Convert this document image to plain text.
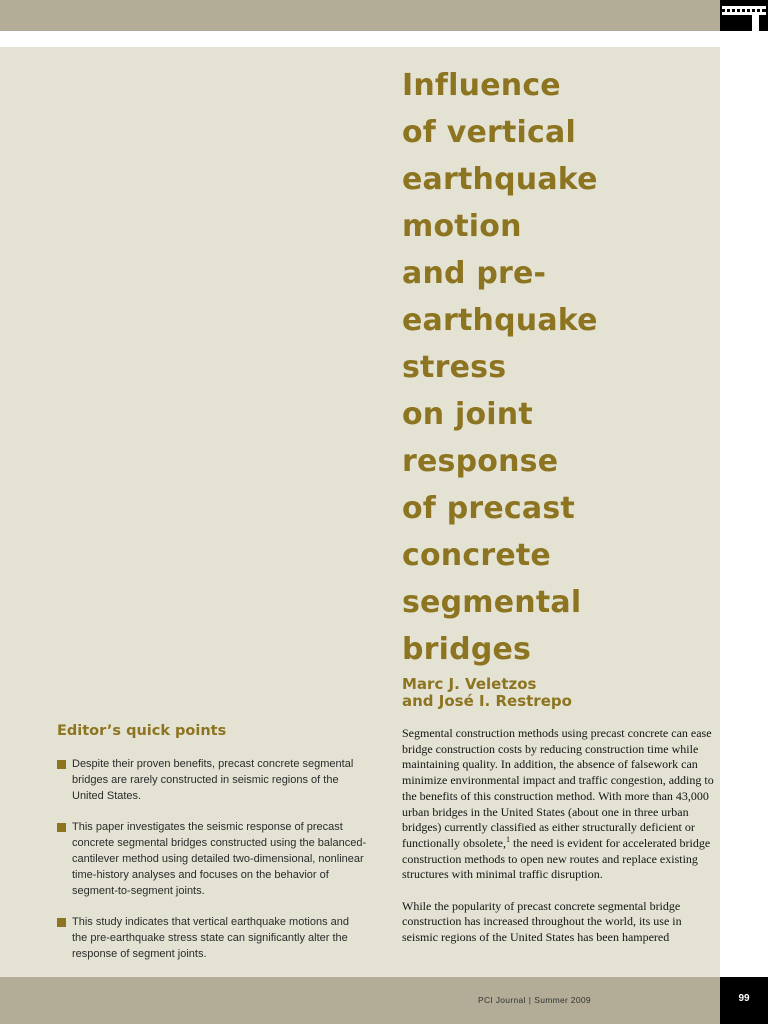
Influence
of vertical
earthquake
motion
and pre-
earthquake
stress
on joint
response
of precast
concrete
segmental
bridges
Marc J. Veletzos
and José I. Restrepo
Editor’s quick points
Despite their proven benefits, precast concrete segmental bridges are rarely constructed in seismic regions of the United States.
This paper investigates the seismic response of precast concrete segmental bridges constructed using the balanced-cantilever method using detailed two-dimensional, nonlinear time-history analyses and focuses on the behavior of segment-to-segment joints.
This study indicates that vertical earthquake motions and the pre-earthquake stress state can significantly alter the response of segment joints.

Segmental construction methods using precast concrete can ease bridge construction costs by reducing construction time while maintaining quality. In addition, the absence of falsework can minimize environmental impact and traffic congestion, adding to the benefits of this construction method. With more than 43,000 urban bridges in the United States (about one in three urban bridges) currently classified as either structurally deficient or functionally obsolete,$^1$ the need is evident for accelerated bridge construction methods to open new routes and replace existing structures with minimal traffic disruption.

While the popularity of precast concrete segmental bridge construction has increased throughout the world, its use in seismic regions of the United States has been hampered

PCI Journal | Summer 2009	99
